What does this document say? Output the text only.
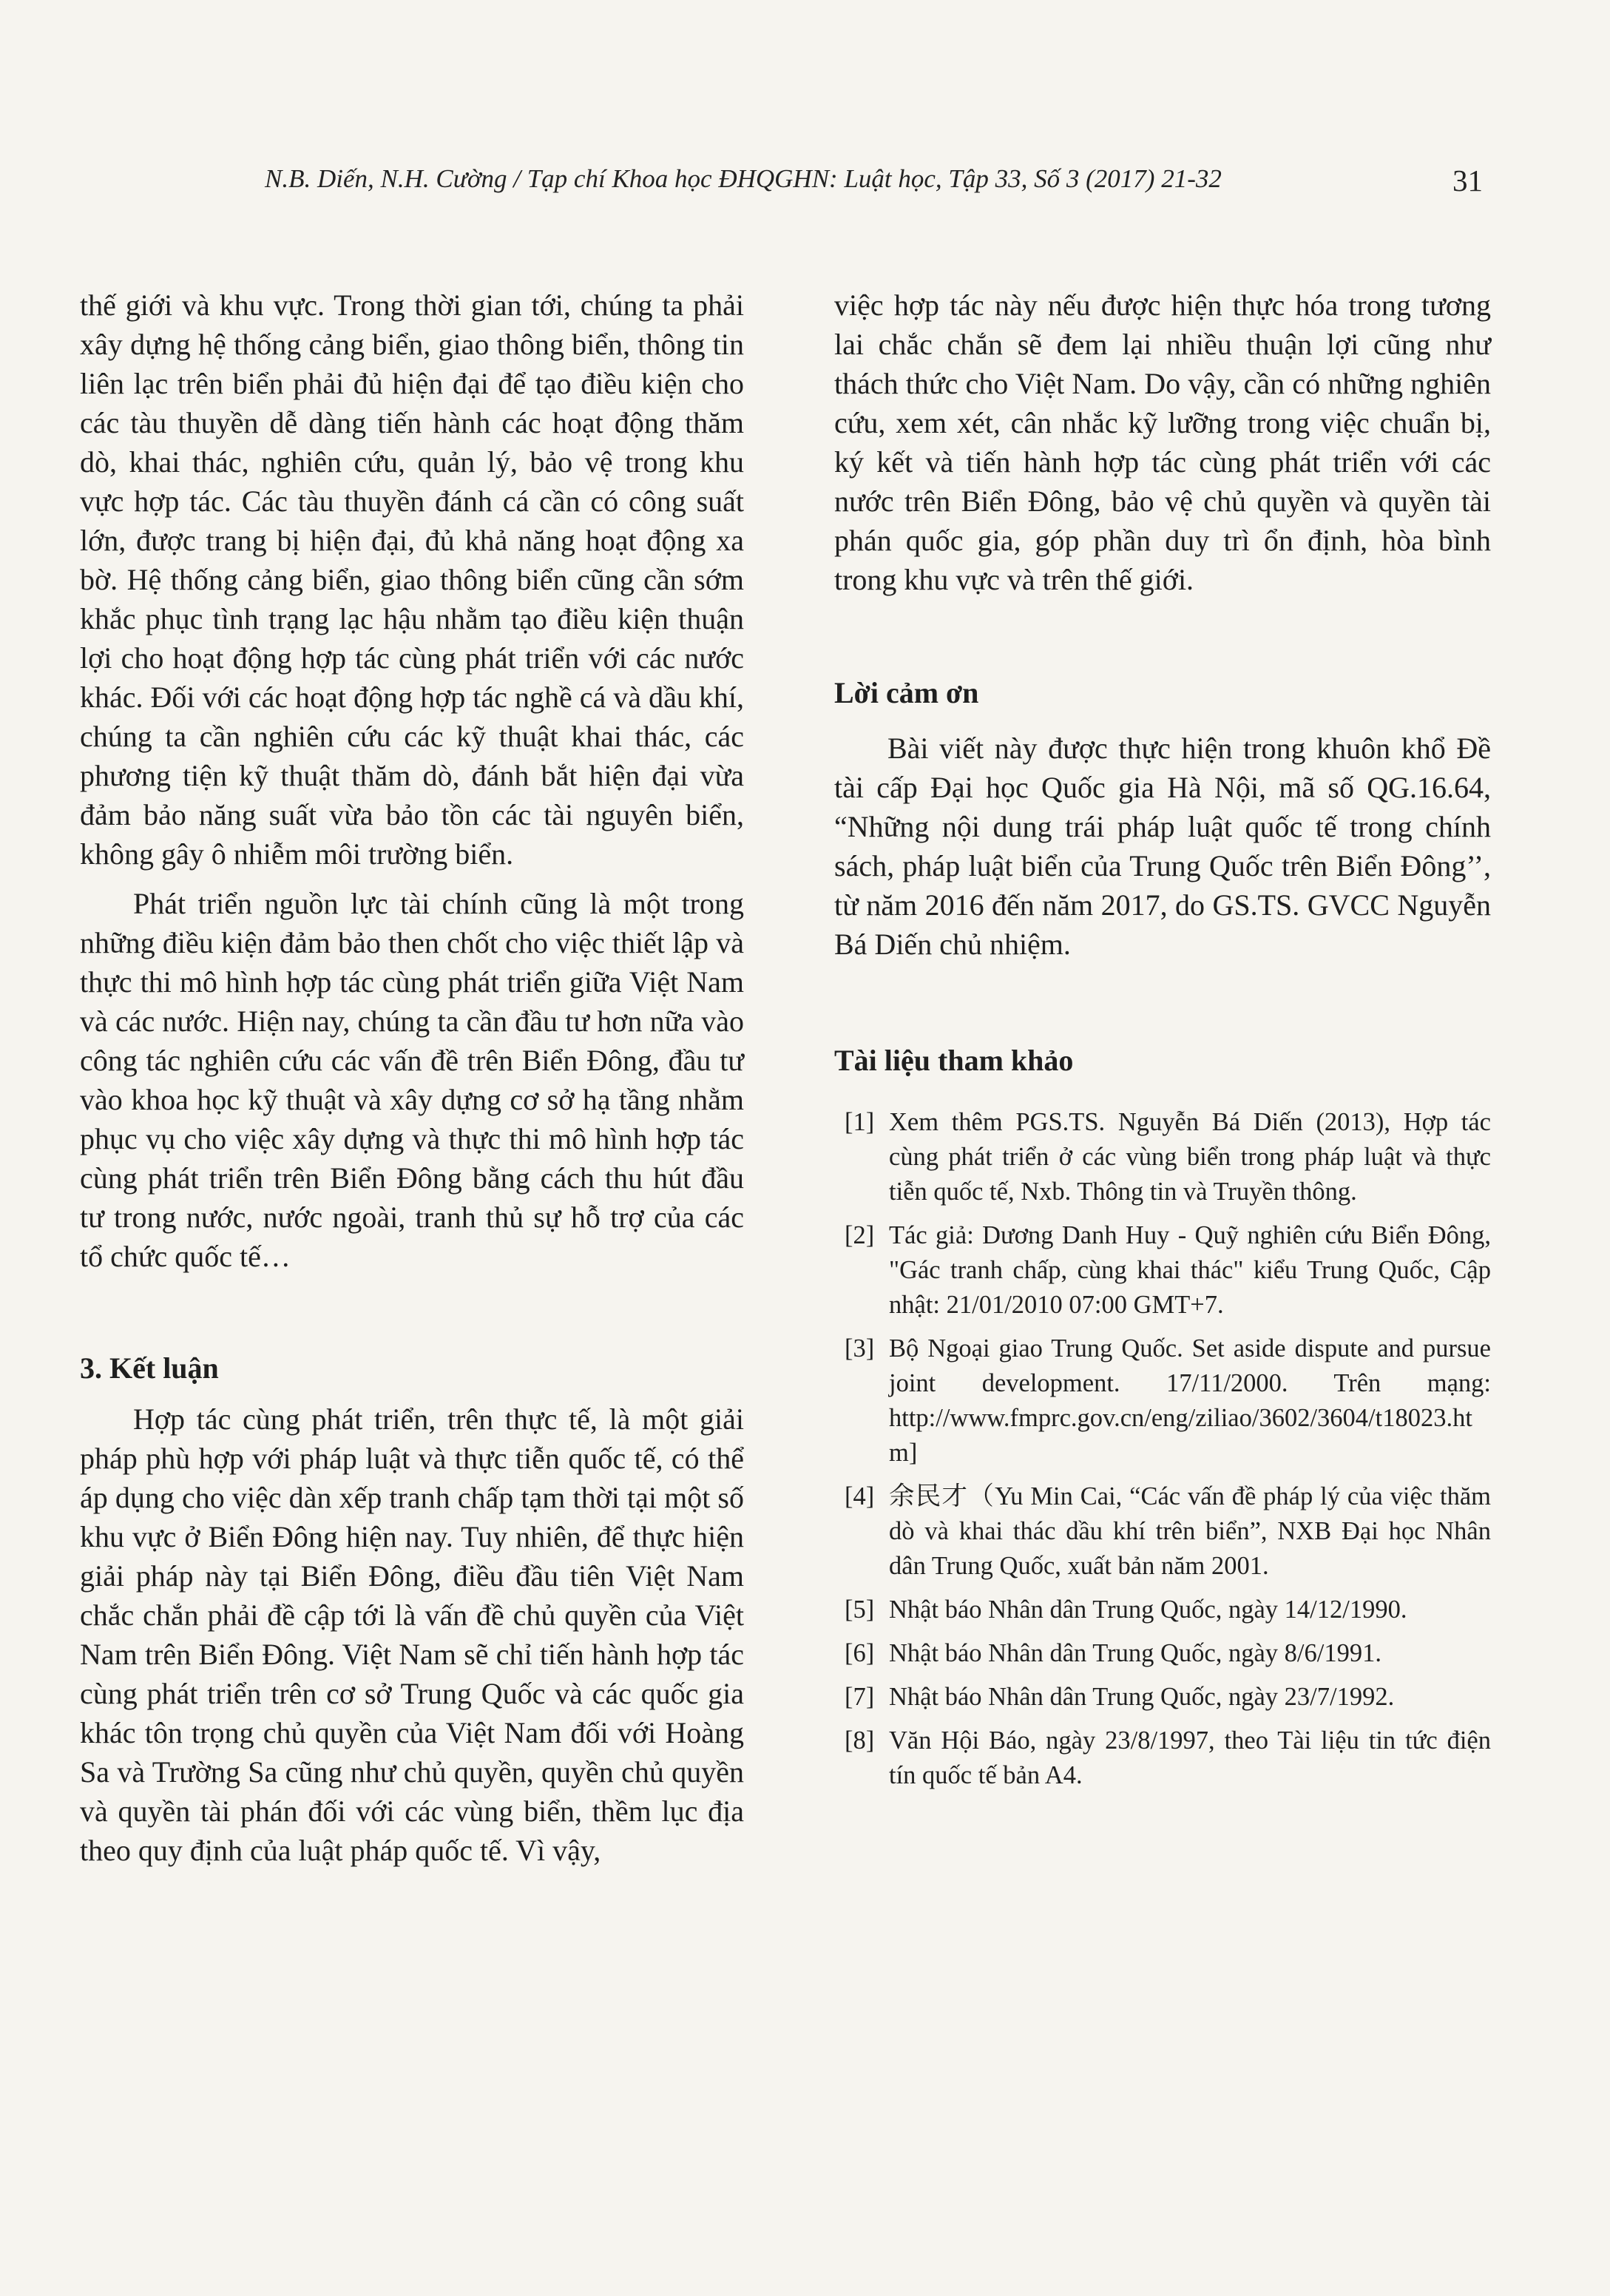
N.B. Diến, N.H. Cường / Tạp chí Khoa học ĐHQGHN: Luật học, Tập 33, Số 3 (2017) 21-32	31

thế giới và khu vực. Trong thời gian tới, chúng ta phải xây dựng hệ thống cảng biển, giao thông biển, thông tin liên lạc trên biển phải đủ hiện đại để tạo điều kiện cho các tàu thuyền dễ dàng tiến hành các hoạt động thăm dò, khai thác, nghiên cứu, quản lý, bảo vệ trong khu vực hợp tác. Các tàu thuyền đánh cá cần có công suất lớn, được trang bị hiện đại, đủ khả năng hoạt động xa bờ. Hệ thống cảng biển, giao thông biển cũng cần sớm khắc phục tình trạng lạc hậu nhằm tạo điều kiện thuận lợi cho hoạt động hợp tác cùng phát triển với các nước khác. Đối với các hoạt động hợp tác nghề cá và dầu khí, chúng ta cần nghiên cứu các kỹ thuật khai thác, các phương tiện kỹ thuật thăm dò, đánh bắt hiện đại vừa đảm bảo năng suất vừa bảo tồn các tài nguyên biển, không gây ô nhiễm môi trường biển.

Phát triển nguồn lực tài chính cũng là một trong những điều kiện đảm bảo then chốt cho việc thiết lập và thực thi mô hình hợp tác cùng phát triển giữa Việt Nam và các nước. Hiện nay, chúng ta cần đầu tư hơn nữa vào công tác nghiên cứu các vấn đề trên Biển Đông, đầu tư vào khoa học kỹ thuật và xây dựng cơ sở hạ tầng nhằm phục vụ cho việc xây dựng và thực thi mô hình hợp tác cùng phát triển trên Biển Đông bằng cách thu hút đầu tư trong nước, nước ngoài, tranh thủ sự hỗ trợ của các tổ chức quốc tế…

3. Kết luận

Hợp tác cùng phát triển, trên thực tế, là một giải pháp phù hợp với pháp luật và thực tiễn quốc tế, có thể áp dụng cho việc dàn xếp tranh chấp tạm thời tại một số khu vực ở Biển Đông hiện nay. Tuy nhiên, để thực hiện giải pháp này tại Biển Đông, điều đầu tiên Việt Nam chắc chắn phải đề cập tới là vấn đề chủ quyền của Việt Nam trên Biển Đông. Việt Nam sẽ chỉ tiến hành hợp tác cùng phát triển trên cơ sở Trung Quốc và các quốc gia khác tôn trọng chủ quyền của Việt Nam đối với Hoàng Sa và Trường Sa cũng như chủ quyền, quyền chủ quyền và quyền tài phán đối với các vùng biển, thềm lục địa theo quy định của luật pháp quốc tế. Vì vậy,

việc hợp tác này nếu được hiện thực hóa trong tương lai chắc chắn sẽ đem lại nhiều thuận lợi cũng như thách thức cho Việt Nam. Do vậy, cần có những nghiên cứu, xem xét, cân nhắc kỹ lưỡng trong việc chuẩn bị, ký kết và tiến hành hợp tác cùng phát triển với các nước trên Biển Đông, bảo vệ chủ quyền và quyền tài phán quốc gia, góp phần duy trì ổn định, hòa bình trong khu vực và trên thế giới.

Lời cảm ơn

Bài viết này được thực hiện trong khuôn khổ Đề tài cấp Đại học Quốc gia Hà Nội, mã số QG.16.64, “Những nội dung trái pháp luật quốc tế trong chính sách, pháp luật biển của Trung Quốc trên Biển Đông’’, từ năm 2016 đến năm 2017, do GS.TS. GVCC Nguyễn Bá Diến chủ nhiệm.

Tài liệu tham khảo
[1] Xem thêm PGS.TS. Nguyễn Bá Diến (2013), Hợp tác cùng phát triển ở các vùng biển trong pháp luật và thực tiễn quốc tế, Nxb. Thông tin và Truyền thông.
[2] Tác giả: Dương Danh Huy - Quỹ nghiên cứu Biển Đông, "Gác tranh chấp, cùng khai thác" kiểu Trung Quốc, Cập nhật: 21/01/2010 07:00 GMT+7.
[3] Bộ Ngoại giao Trung Quốc. Set aside dispute and pursue joint development. 17/11/2000. Trên mạng: http://www.fmprc.gov.cn/eng/ziliao/3602/3604/t18023.htm]
[4] 余民才（Yu Min Cai, “Các vấn đề pháp lý của việc thăm dò và khai thác dầu khí trên biển”, NXB Đại học Nhân dân Trung Quốc, xuất bản năm 2001.
[5] Nhật báo Nhân dân Trung Quốc, ngày 14/12/1990.
[6] Nhật báo Nhân dân Trung Quốc, ngày 8/6/1991.
[7] Nhật báo Nhân dân Trung Quốc, ngày 23/7/1992.
[8] Văn Hội Báo, ngày 23/8/1997, theo Tài liệu tin tức điện tín quốc tế bản A4.
